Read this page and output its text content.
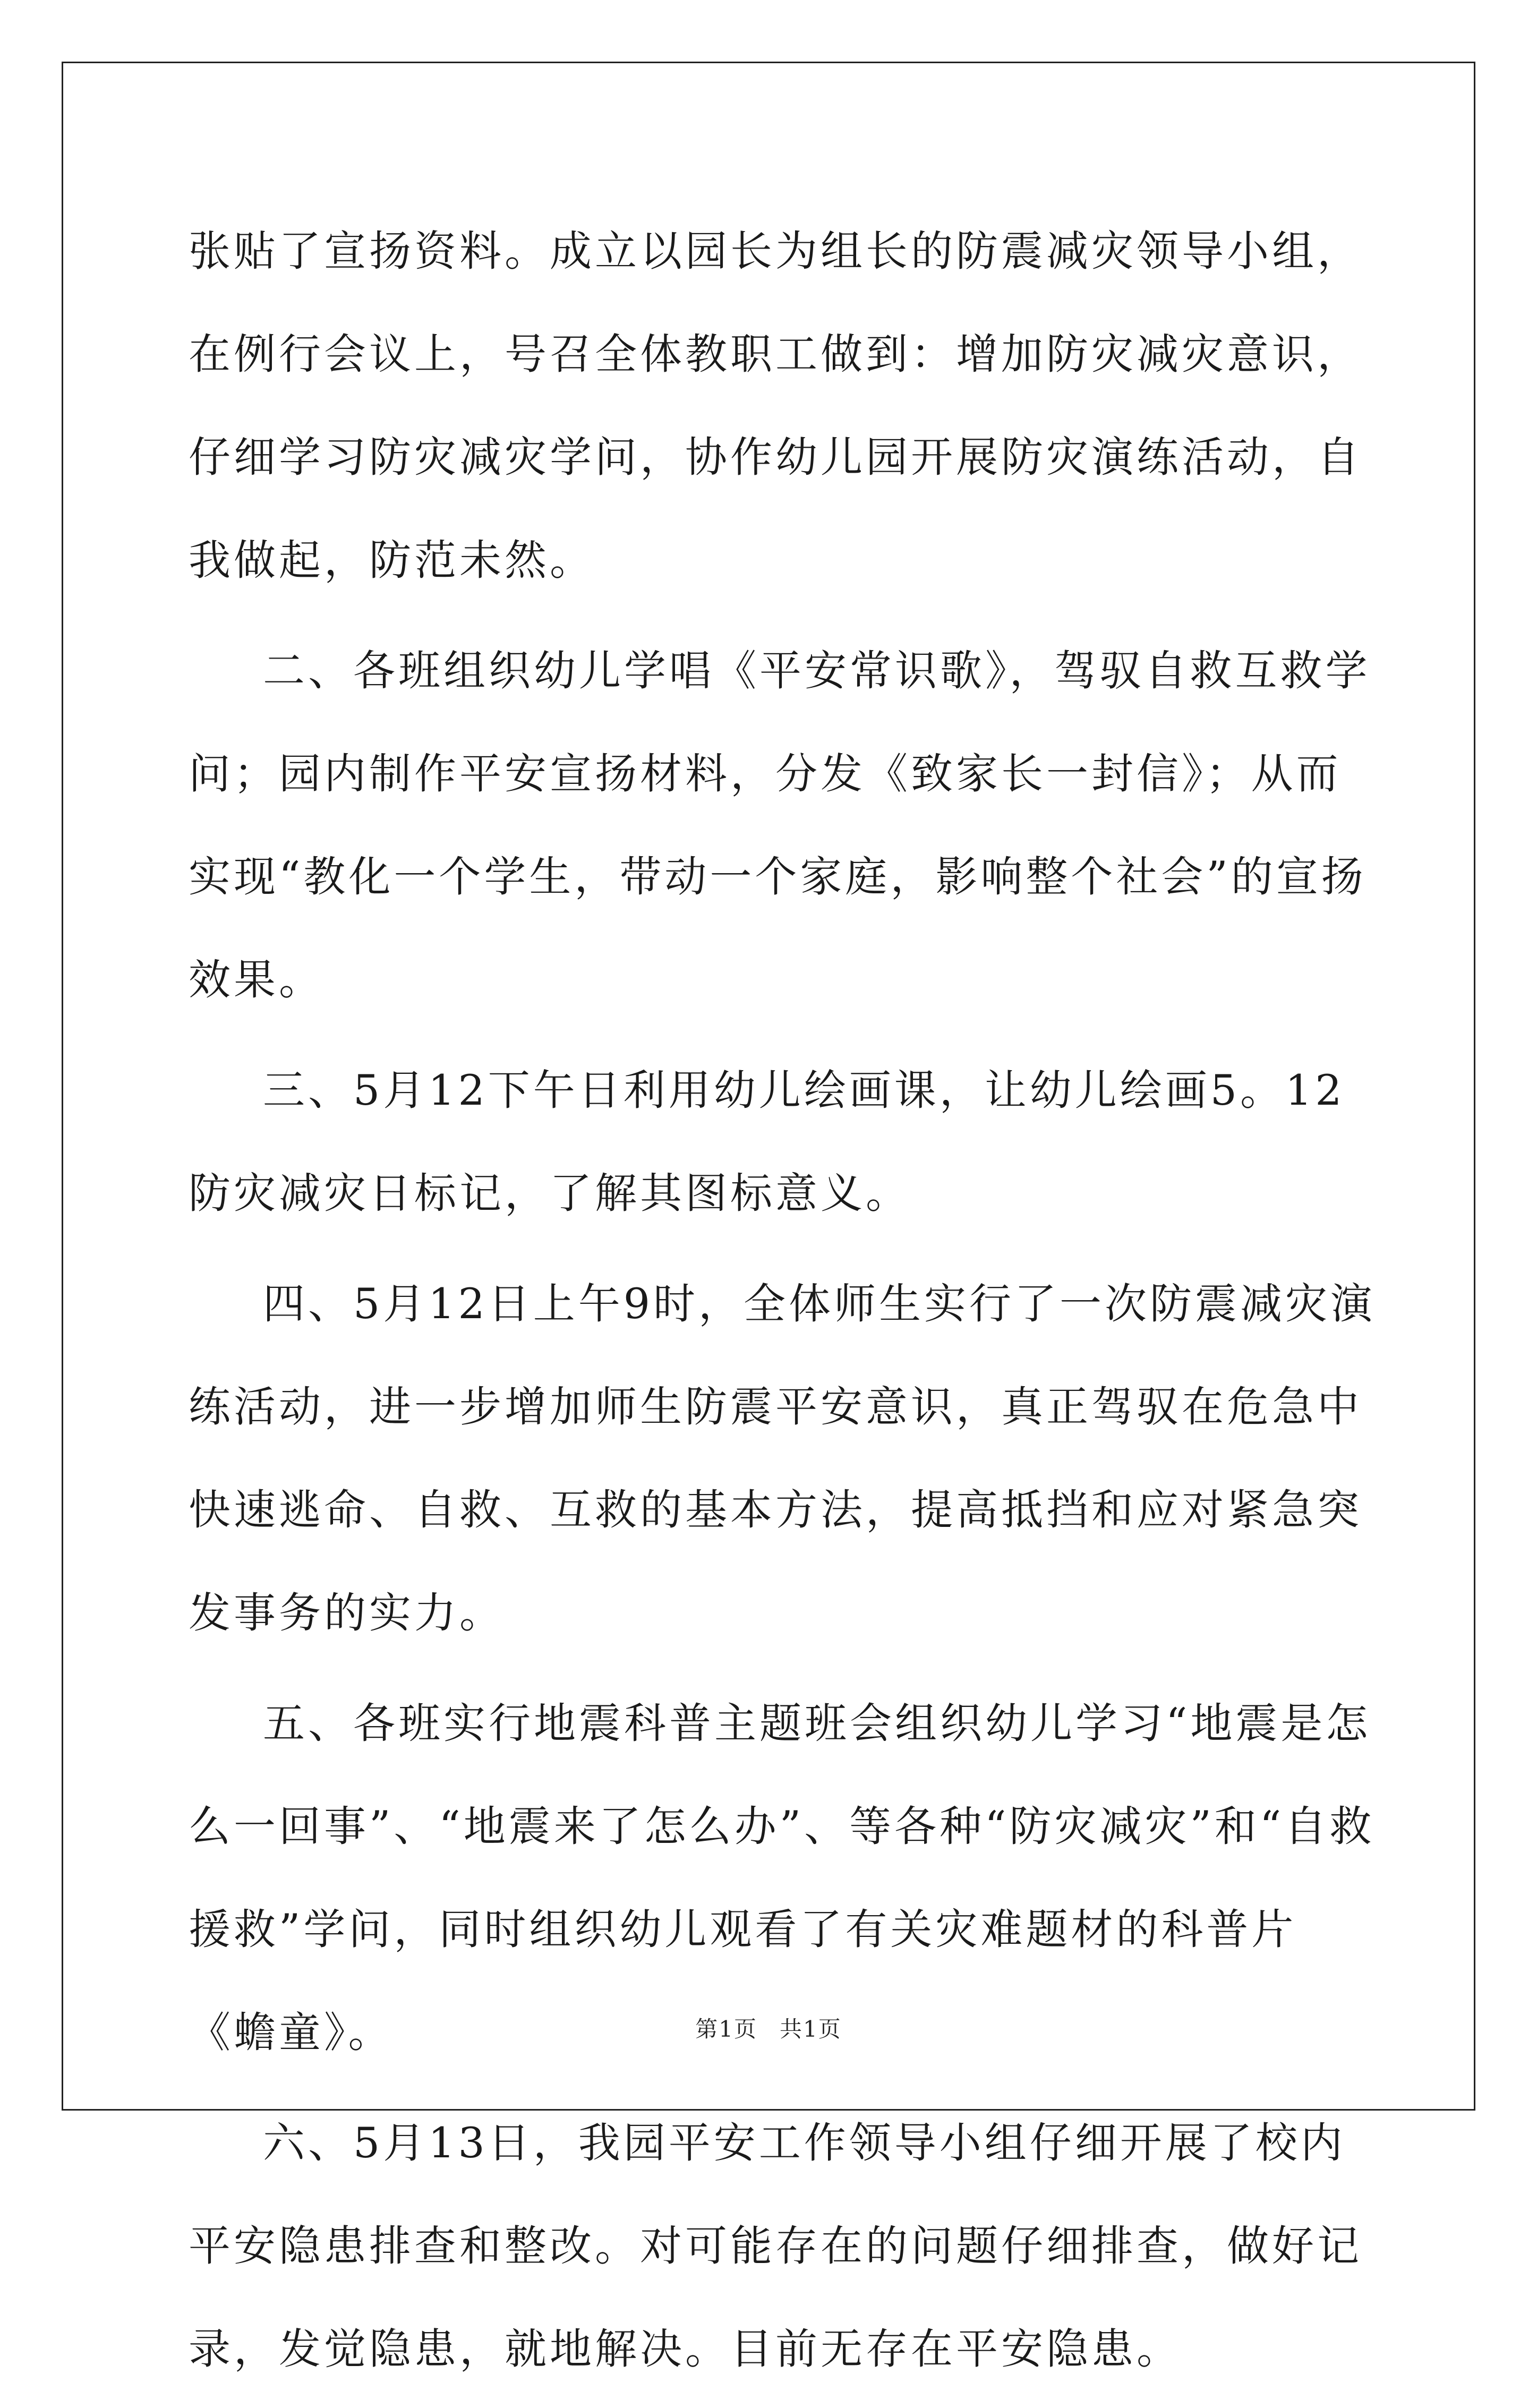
张贴了宣扬资料。成立以园长为组长的防震减灾领导小组，在例行会议上，号召全体教职工做到：增加防灾减灾意识，仔细学习防灾减灾学问，协作幼儿园开展防灾演练活动，自我做起，防范未然。

二、各班组织幼儿学唱《平安常识歌》，驾驭自救互救学问；园内制作平安宣扬材料，分发《致家长一封信》；从而实现“教化一个学生，带动一个家庭，影响整个社会”的宣扬效果。

三、5月12下午日利用幼儿绘画课，让幼儿绘画5。12防灾减灾日标记，了解其图标意义。

四、5月12日上午9时，全体师生实行了一次防震减灾演练活动，进一步增加师生防震平安意识，真正驾驭在危急中快速逃命、自救、互救的基本方法，提高抵挡和应对紧急突发事务的实力。

五、各班实行地震科普主题班会组织幼儿学习“地震是怎么一回事”、“地震来了怎么办”、等各种“防灾减灾”和“自救援救”学问，同时组织幼儿观看了有关灾难题材的科普片《蟾童》。

六、5月13日，我园平安工作领导小组仔细开展了校内平安隐患排查和整改。对可能存在的问题仔细排查，做好记录，发觉隐患，就地解决。目前无存在平安隐患。

第1页 共1页
